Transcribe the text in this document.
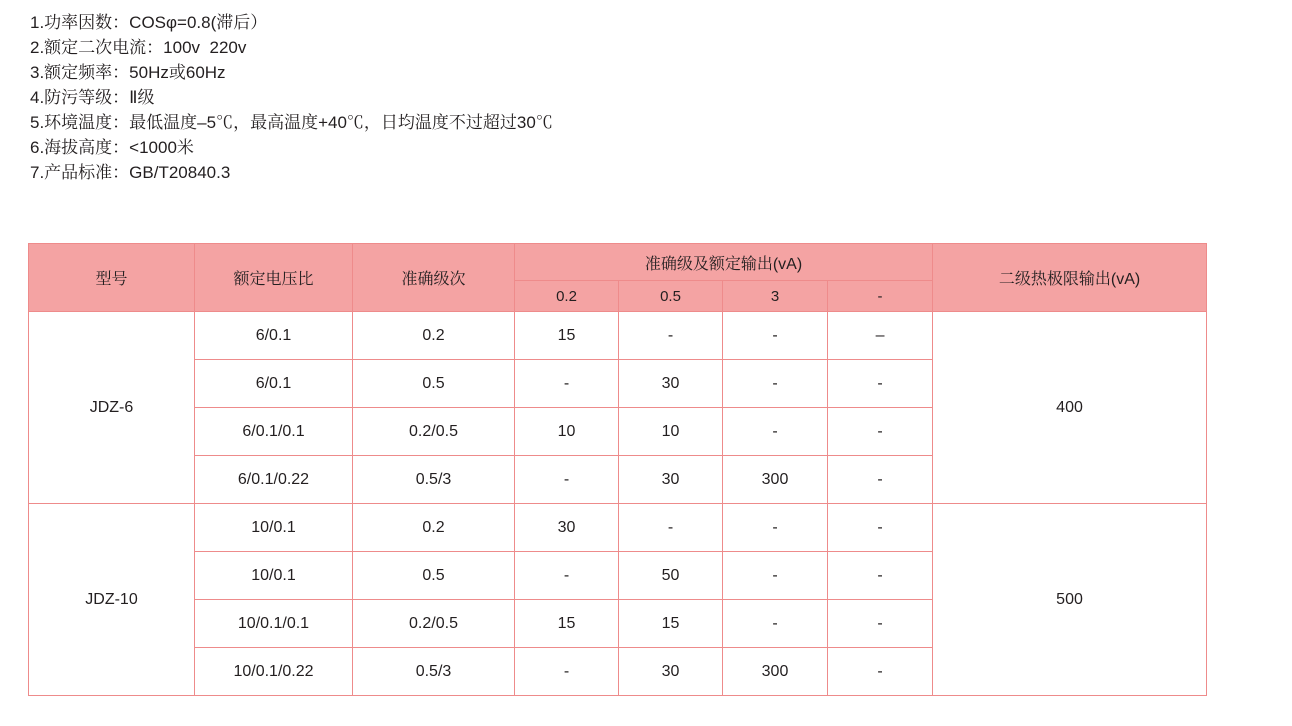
1.功率因数：COSφ=0.8(滞后）
2.额定二次电流：100v  220v
3.额定频率：50Hz或60Hz
4.防污等级：Ⅱ级
5.环境温度：最低温度–5℃，最高温度+40℃，日均温度不过超过30℃
6.海拔高度：<1000米
7.产品标准：GB/T20840.3
型号	额定电压比	准确级次	准确级及额定输出(vA)				二级热极限输出(vA)
			0.2	0.5	3	-	
JDZ-6	6/0.1	0.2	15	-	-	–	400
	6/0.1	0.5	-	30	-	-	
	6/0.1/0.1	0.2/0.5	10	10	-	-	
	6/0.1/0.22	0.5/3	-	30	300	-	
JDZ-10	10/0.1	0.2	30	-	-	-	500
	10/0.1	0.5	-	50	-	-	
	10/0.1/0.1	0.2/0.5	15	15	-	-	
	10/0.1/0.22	0.5/3	-	30	300	-	
